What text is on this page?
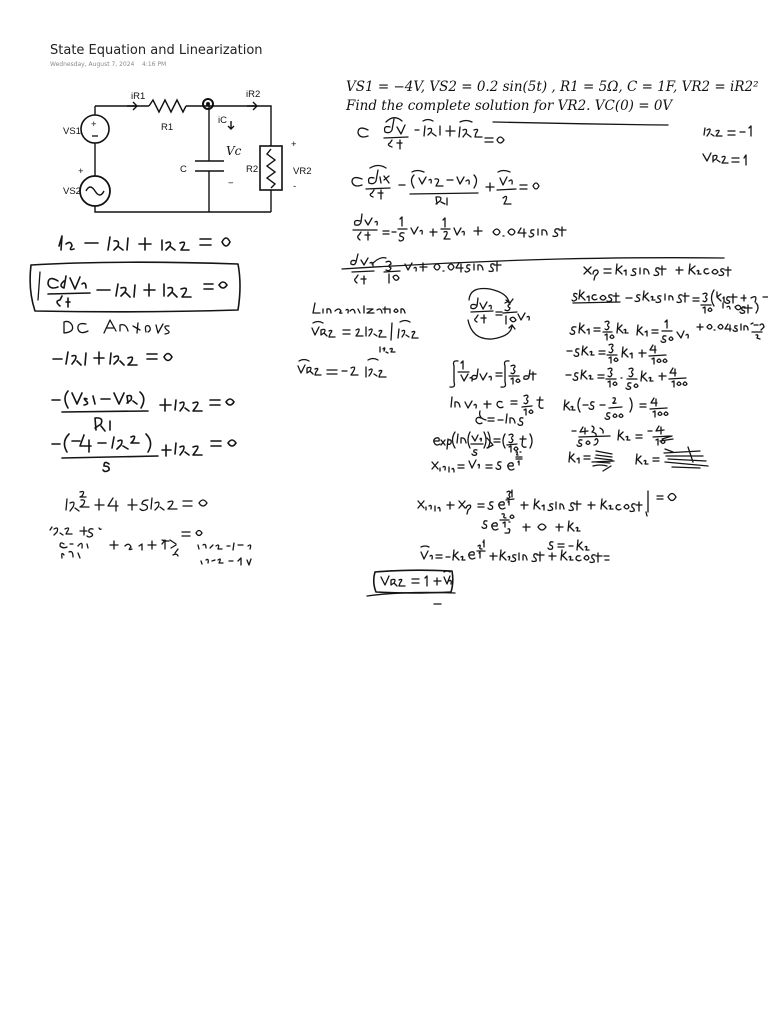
State Equation and Linearization
Wednesday, August 7, 2024 4:16 PM
VS1 = −4V, VS2 = 0.2 sin(5t) , R1 = 5Ω, C = 1F, VR2 = iR2²
Find the complete solution for VR2. VC(0) = 0V
+
iR1	iR2
iC
R1
C	R2
VS1
VS2
+
+
VR2
-
−
Vc
